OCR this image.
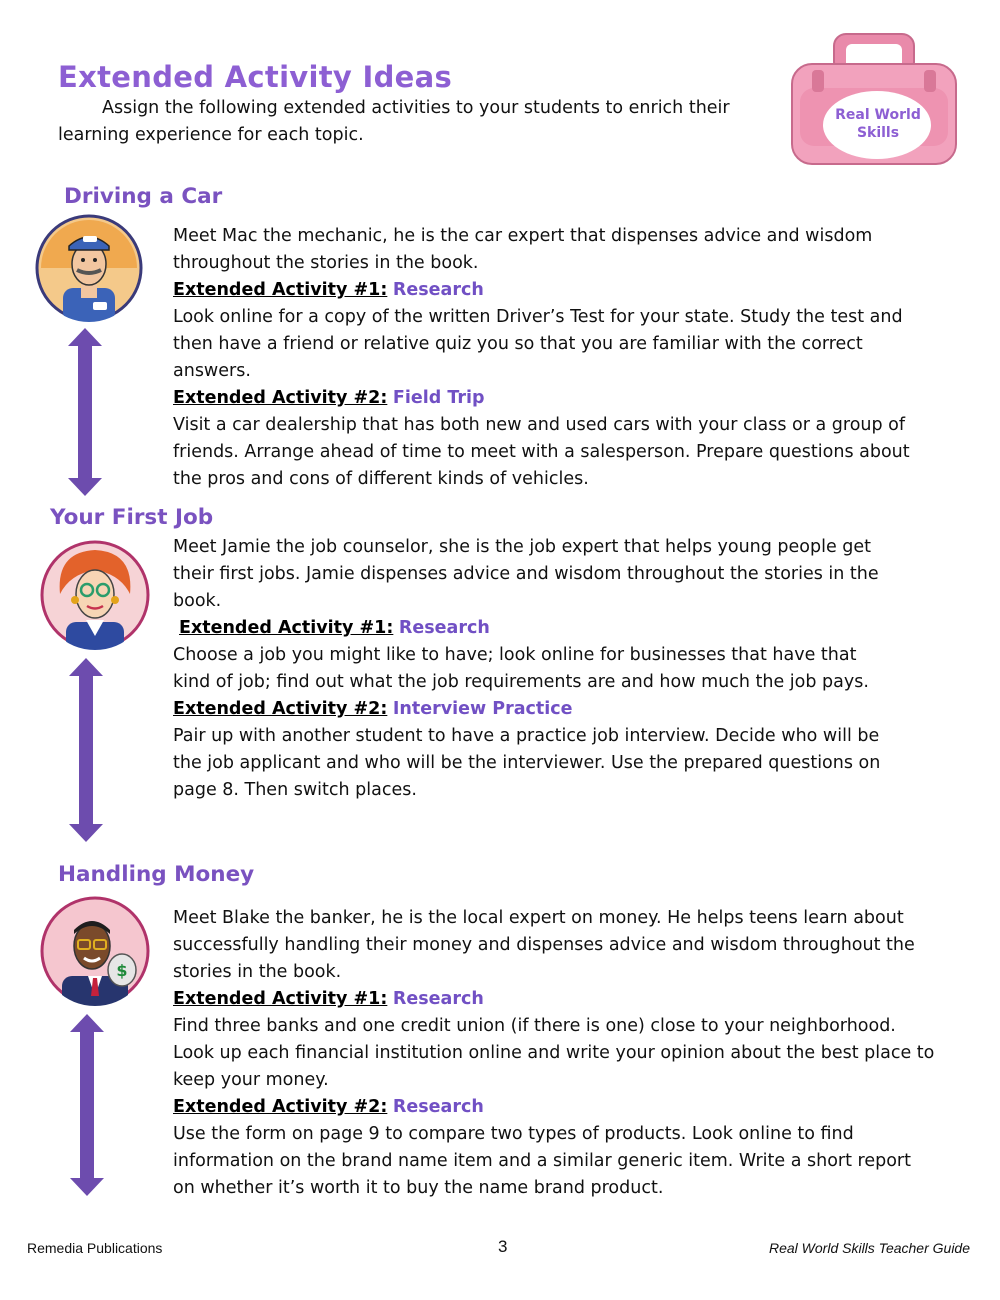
Extended Activity Ideas

Assign the following extended activities to your students to enrich their learning experience for each topic.

Real World
Skills
Driving a Car

Meet Mac the mechanic, he is the car expert that dispenses advice and wisdom throughout the stories in the book.

Extended Activity #1: Research

Look online for a copy of the written Driver’s Test for your state. Study the test and then have a friend or relative quiz you so that you are familiar with the correct answers.

Extended Activity #2: Field Trip

Visit a car dealership that has both new and used cars with your class or a group of friends. Arrange ahead of time to meet with a salesperson. Prepare questions about the pros and cons of different kinds of vehicles.

Your First Job

Meet Jamie the job counselor, she is the job expert that helps young people get their first jobs. Jamie dispenses advice and wisdom throughout the stories in the book.

Extended Activity #1: Research

Choose a job you might like to have; look online for businesses that have that kind of job; find out what the job requirements are and how much the job pays.

Extended Activity #2: Interview Practice

Pair up with another student to have a practice job interview. Decide who will be the job applicant and who will be the interviewer. Use the prepared questions on page 8. Then switch places.

Handling Money
$

Meet Blake the banker, he is the local expert on money. He helps teens learn about successfully handling their money and dispenses advice and wisdom throughout the stories in the book.

Extended Activity #1: Research

Find three banks and one credit union (if there is one) close to your neighborhood. Look up each financial institution online and write your opinion about the best place to keep your money.

Extended Activity #2: Research

Use the form on page 9 to compare two types of products. Look online to find information on the brand name item and a similar generic item. Write a short report on whether it’s worth it to buy the name brand product.

Remedia Publications	3	Real World Skills Teacher Guide
